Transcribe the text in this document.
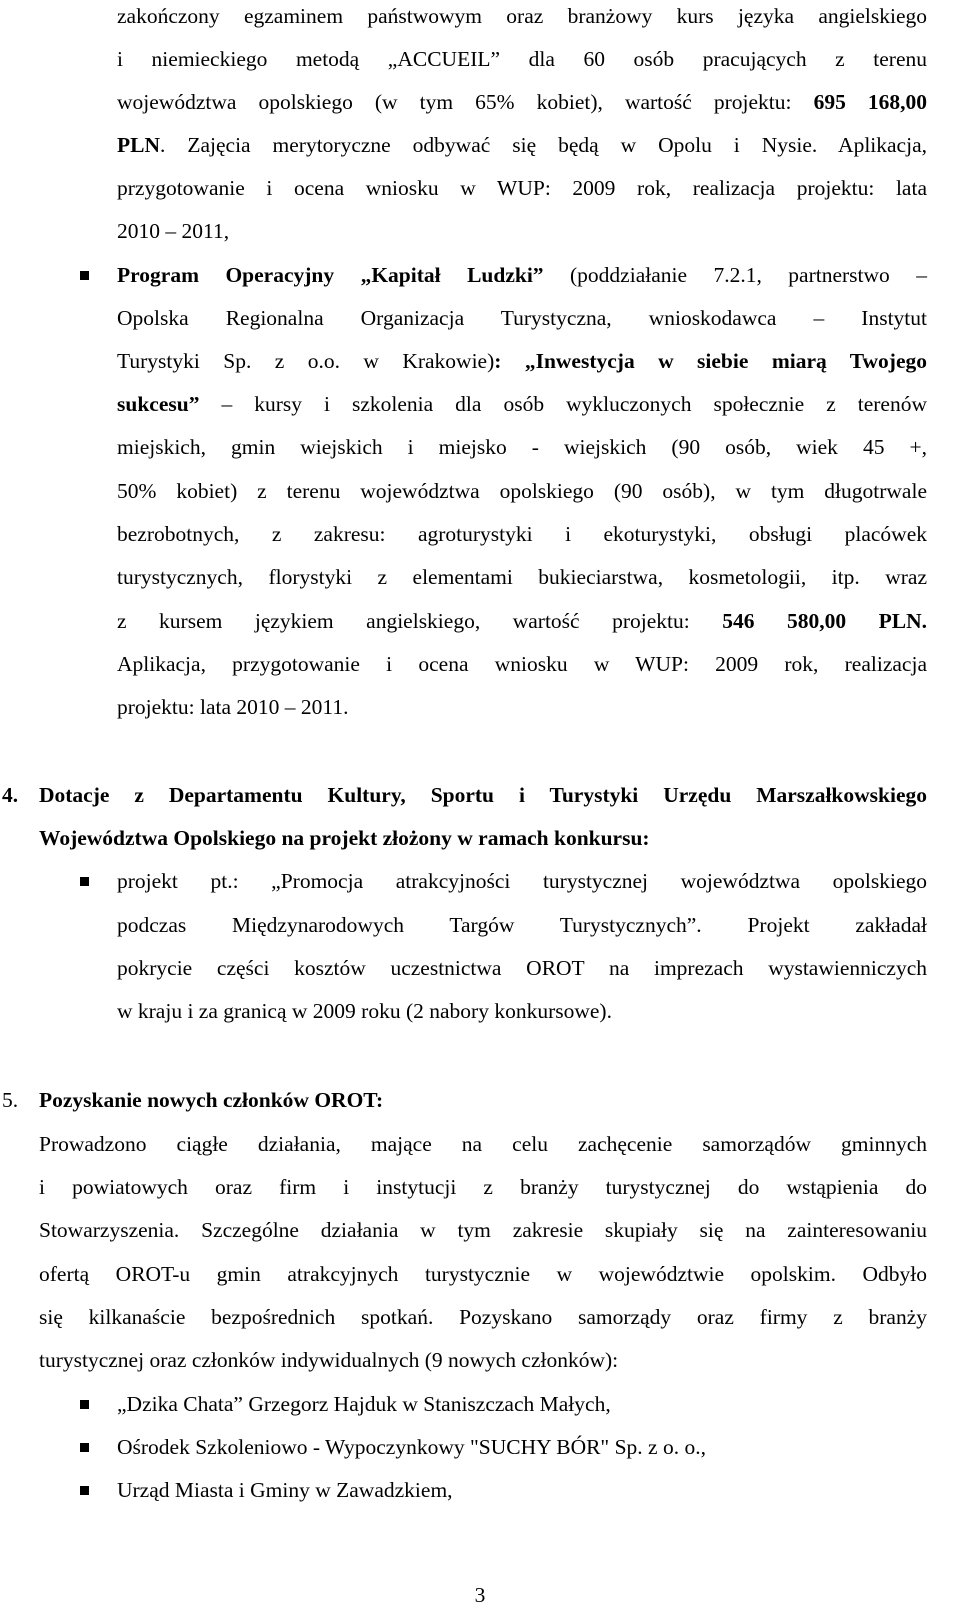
zakończony egzaminem państwowym oraz branżowy kurs języka angielskiego
i niemieckiego metodą „ACCUEIL” dla 60 osób pracujących z terenu
województwa opolskiego (w tym 65% kobiet), wartość projektu: 695 168,00
PLN. Zajęcia merytoryczne odbywać się będą w Opolu i Nysie. Aplikacja,
przygotowanie i ocena wniosku w WUP: 2009 rok, realizacja projektu: lata
2010 – 2011,
Program Operacyjny „Kapitał Ludzki” (poddziałanie 7.2.1, partnerstwo –
Opolska Regionalna Organizacja Turystyczna, wnioskodawca – Instytut
Turystyki Sp. z o.o. w Krakowie): „Inwestycja w siebie miarą Twojego
sukcesu” – kursy i szkolenia dla osób wykluczonych społecznie z terenów
miejskich, gmin wiejskich i miejsko - wiejskich (90 osób, wiek 45 +,
50% kobiet) z terenu województwa opolskiego (90 osób), w tym długotrwale
bezrobotnych, z zakresu: agroturystyki i ekoturystyki, obsługi placówek
turystycznych, florystyki z elementami bukieciarstwa, kosmetologii, itp. wraz
z kursem językiem angielskiego, wartość projektu: 546 580,00 PLN.
Aplikacja, przygotowanie i ocena wniosku w WUP: 2009 rok, realizacja
projektu: lata 2010 – 2011.
4. Dotacje z Departamentu Kultury, Sportu i Turystyki Urzędu Marszałkowskiego
Województwa Opolskiego na projekt złożony w ramach konkursu:
projekt pt.: „Promocja atrakcyjności turystycznej województwa opolskiego
podczas Międzynarodowych Targów Turystycznych”. Projekt zakładał
pokrycie części kosztów uczestnictwa OROT na imprezach wystawienniczych
w kraju i za granicą w 2009 roku (2 nabory konkursowe).
5. Pozyskanie nowych członków OROT:
Prowadzono ciągłe działania, mające na celu zachęcenie samorządów gminnych
i powiatowych oraz firm i instytucji z branży turystycznej do wstąpienia do
Stowarzyszenia. Szczególne działania w tym zakresie skupiały się na zainteresowaniu
ofertą OROT-u gmin atrakcyjnych turystycznie w województwie opolskim. Odbyło
się kilkanaście bezpośrednich spotkań. Pozyskano samorządy oraz firmy z branży
turystycznej oraz członków indywidualnych (9 nowych członków):
„Dzika Chata” Grzegorz Hajduk w Staniszczach Małych,
Ośrodek Szkoleniowo - Wypoczynkowy "SUCHY BÓR" Sp. z o. o.,
Urząd Miasta i Gminy w Zawadzkiem,
3
